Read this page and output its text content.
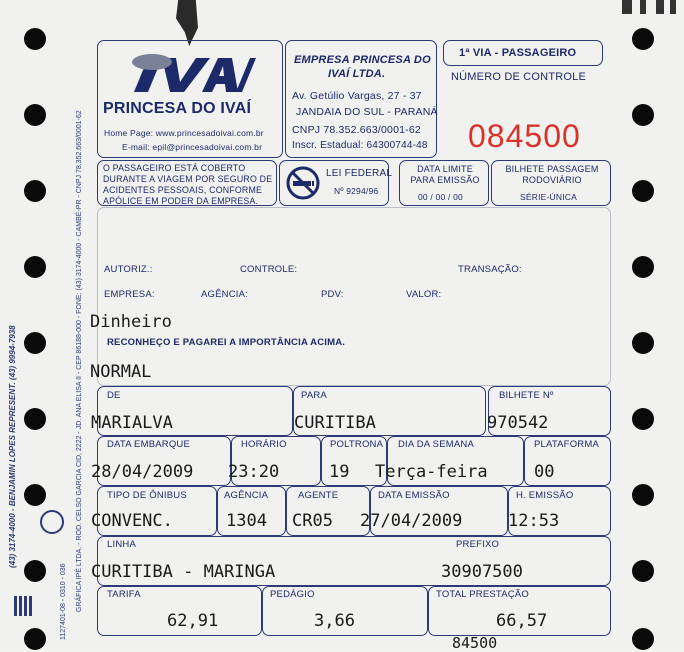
GRÁFICA IPÊ LTDA. - ROD. CELSO GARCIA CID, 2222 - JD. ANA ELISA II - CEP 86188-000 - FONE: (43) 3174-4000 - CAMBÉ-PR - CNPJ 78.352.663/0001-62
(43) 3174-4000 - BENJAMIN LOPES REPRESENT. (43) 9994-7938
1127401-08 - 0310 - 036
PRINCESA DO IVAÍ
Home Page: www.princesadoivai.com.br
E-mail: epil@princesadoivai.com.br
EMPRESA PRINCESA DO
IVAÍ LTDA.
Av. Getúlio Vargas, 27 - 37
JANDAIA DO SUL - PARANÁ
CNPJ 78.352.663/0001-62
Inscr. Estadual: 64300744-48
1ª VIA - PASSAGEIRO
NÚMERO DE CONTROLE
084500
O PASSAGEIRO ESTÁ COBERTO DURANTE A VIAGEM POR SEGURO DE ACIDENTES PESSOAIS, CONFORME APÓLICE EM PODER DA EMPRESA.
LEI FEDERAL
Nº 9294/96
DATA LIMITE PARA EMISSÃO
00 / 00 / 00
BILHETE PASSAGEM RODOVIÁRIO
SÉRIE-ÚNICA
AUTORIZ.:	CONTROLE:	TRANSAÇÃO:
EMPRESA:	AGÊNCIA:	PDV:	VALOR:
Dinheiro
RECONHEÇO E PAGAREI A IMPORTÂNCIA ACIMA.
NORMAL
DE
MARIALVA
PARA
CURITIBA
BILHETE Nº
970542
DATA EMBARQUE
28/04/2009
HORÁRIO
23:20
POLTRONA
19
DIA DA SEMANA
Terça-feira
PLATAFORMA
00
TIPO DE ÔNIBUS
CONVENC.
AGÊNCIA
1304
AGENTE
CR05
DATA EMISSÃO
27/04/2009
H. EMISSÃO
12:53
LINHA
CURITIBA - MARINGA
PREFIXO
30907500
TARIFA
62,91
PEDÁGIO
3,66
TOTAL PRESTAÇÃO
66,57
84500
